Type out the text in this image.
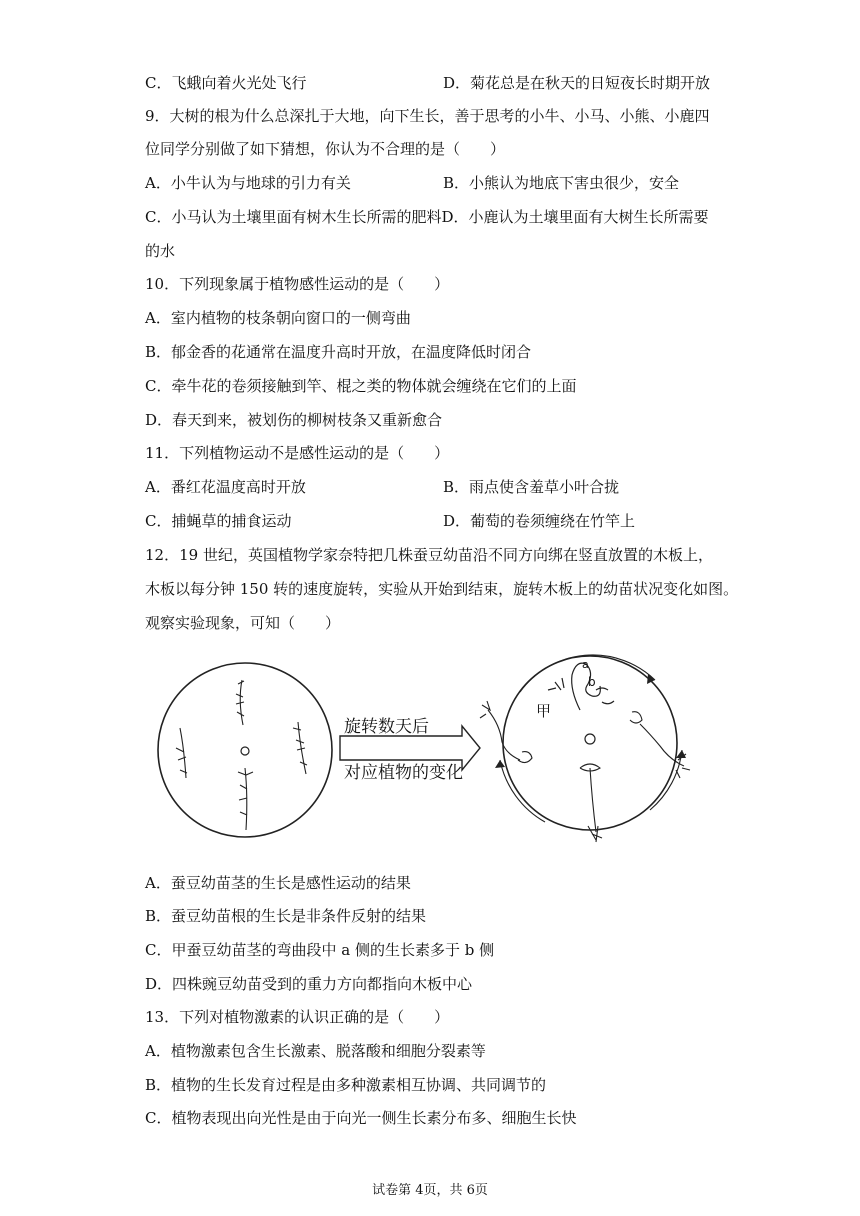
C．飞蛾向着火光处飞行	D．菊花总是在秋天的日短夜长时期开放
9．大树的根为什么总深扎于大地，向下生长，善于思考的小牛、小马、小熊、小鹿四
位同学分别做了如下猜想，你认为不合理的是（　　）
A．小牛认为与地球的引力有关	B．小熊认为地底下害虫很少，安全
C．小马认为土壤里面有树木生长所需的肥料D．小鹿认为土壤里面有大树生长所需要
的水
10．下列现象属于植物感性运动的是（　　）
A．室内植物的枝条朝向窗口的一侧弯曲
B．郁金香的花通常在温度升高时开放，在温度降低时闭合
C．牵牛花的卷须接触到竿、棍之类的物体就会缠绕在它们的上面
D．春天到来，被划伤的柳树枝条又重新愈合
11．下列植物运动不是感性运动的是（　　）
A．番红花温度高时开放	B．雨点使含羞草小叶合拢
C．捕蝇草的捕食运动	D．葡萄的卷须缠绕在竹竿上
12．19 世纪，英国植物学家奈特把几株蚕豆幼苗沿不同方向绑在竖直放置的木板上，
木板以每分钟 150 转的速度旋转，实验从开始到结束，旋转木板上的幼苗状况变化如图。
观察实验现象，可知（　　）
旋转数天后
对应植物的变化
甲
a
b
A．蚕豆幼苗茎的生长是感性运动的结果
B．蚕豆幼苗根的生长是非条件反射的结果
C．甲蚕豆幼苗茎的弯曲段中 a 侧的生长素多于 b 侧
D．四株豌豆幼苗受到的重力方向都指向木板中心
13．下列对植物激素的认识正确的是（　　）
A．植物激素包含生长激素、脱落酸和细胞分裂素等
B．植物的生长发育过程是由多种激素相互协调、共同调节的
C．植物表现出向光性是由于向光一侧生长素分布多、细胞生长快
试卷第 4页，共 6页
